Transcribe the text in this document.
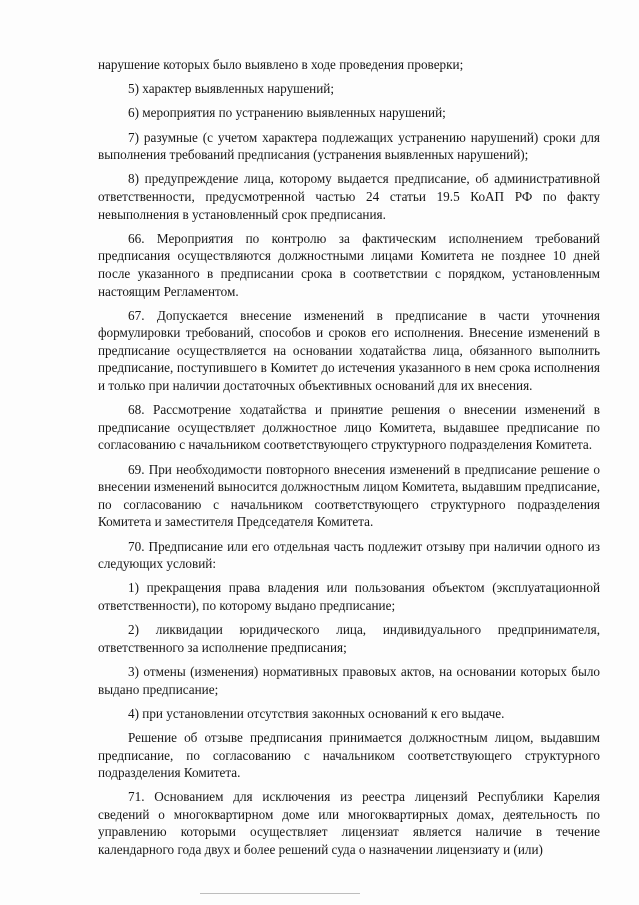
нарушение которых было выявлено в ходе проведения проверки;

5) характер выявленных нарушений;

6) мероприятия по устранению выявленных нарушений;

7) разумные (с учетом характера подлежащих устранению нарушений) сроки для выполнения требований предписания (устранения выявленных нарушений);

8) предупреждение лица, которому выдается предписание, об административной ответственности, предусмотренной частью 24 статьи 19.5 КоАП РФ по факту невыполнения в установленный срок предписания.

66. Мероприятия по контролю за фактическим исполнением требований предписания осуществляются должностными лицами Комитета не позднее 10 дней после указанного в предписании срока в соответствии с порядком, установленным настоящим Регламентом.

67. Допускается внесение изменений в предписание в части уточнения формулировки требований, способов и сроков его исполнения. Внесение изменений в предписание осуществляется на основании ходатайства лица, обязанного выполнить предписание, поступившего в Комитет до истечения указанного в нем срока исполнения и только при наличии достаточных объективных оснований для их внесения.

68. Рассмотрение ходатайства и принятие решения о внесении изменений в предписание осуществляет должностное лицо Комитета, выдавшее предписание по согласованию с начальником соответствующего структурного подразделения Комитета.

69. При необходимости повторного внесения изменений в предписание решение о внесении изменений выносится должностным лицом Комитета, выдавшим предписание, по согласованию с начальником соответствующего структурного подразделения Комитета и заместителя Председателя Комитета.

70. Предписание или его отдельная часть подлежит отзыву при наличии одного из следующих условий:

1) прекращения права владения или пользования объектом (эксплуатационной ответственности), по которому выдано предписание;

2) ликвидации юридического лица, индивидуального предпринимателя, ответственного за исполнение предписания;

3) отмены (изменения) нормативных правовых актов, на основании которых было выдано предписание;

4) при установлении отсутствия законных оснований к его выдаче.

Решение об отзыве предписания принимается должностным лицом, выдавшим предписание, по согласованию с начальником соответствующего структурного подразделения Комитета.

71. Основанием для исключения из реестра лицензий Республики Карелия сведений о многоквартирном доме или многоквартирных домах, деятельность по управлению которыми осуществляет лицензиат является наличие в течение календарного года двух и более решений суда о назначении лицензиату и (или)
